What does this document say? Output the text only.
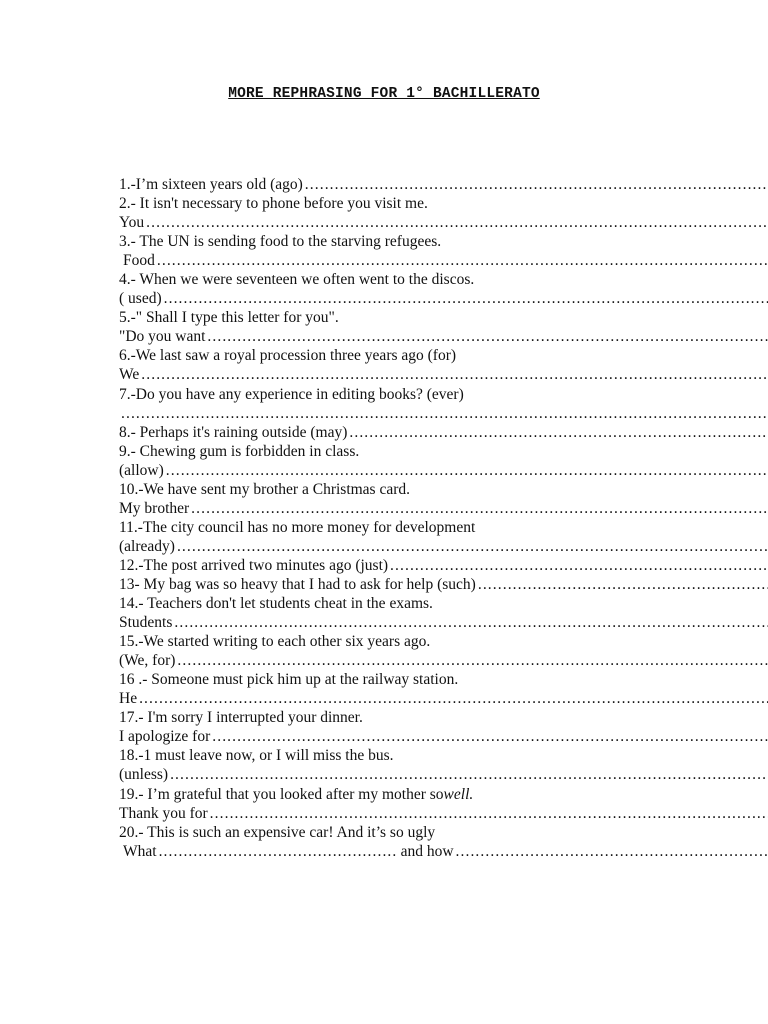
MORE REPHRASING FOR 1° BACHILLERATO
1.-I’m sixteen years old (ago)
.....
2.- It isn't necessary to phone before you visit me.
You
.....
3.- The UN is sending food to the starving refugees.
Food
.....
4.- When we were seventeen we often went to the discos.
( used)
.....
5.-" Shall I type this letter for you".
"Do you want
.....
6.-We last saw a royal procession three years ago (for)
We
.....
7.-Do you have any experience in editing books? (ever)
.....
8.- Perhaps it's raining outside (may)
.....
9.- Chewing gum is forbidden in class.
(allow)
.....
10.-We have sent my brother a Christmas card.
My brother
.....
11.-The city council has no more money for development
(already)
.....
12.-The post arrived two minutes ago (just)
.....
13- My bag was so heavy that I had to ask for help (such)
.....
14.- Teachers don't let students cheat in the exams.
Students
.....
15.-We started writing to each other six years ago.
(We, for)
.....
16 .- Someone must pick him up at the railway station.
He
.....
17.- I'm sorry I interrupted your dinner.
I apologize for
.....
18.-1 must leave now, or I will miss the bus.
(unless)
.....
19.- I’m grateful that you looked after my mother so well.
Thank you for
.....
20.- This is such an expensive car! And it’s so ugly
What
.....	and how
.....
